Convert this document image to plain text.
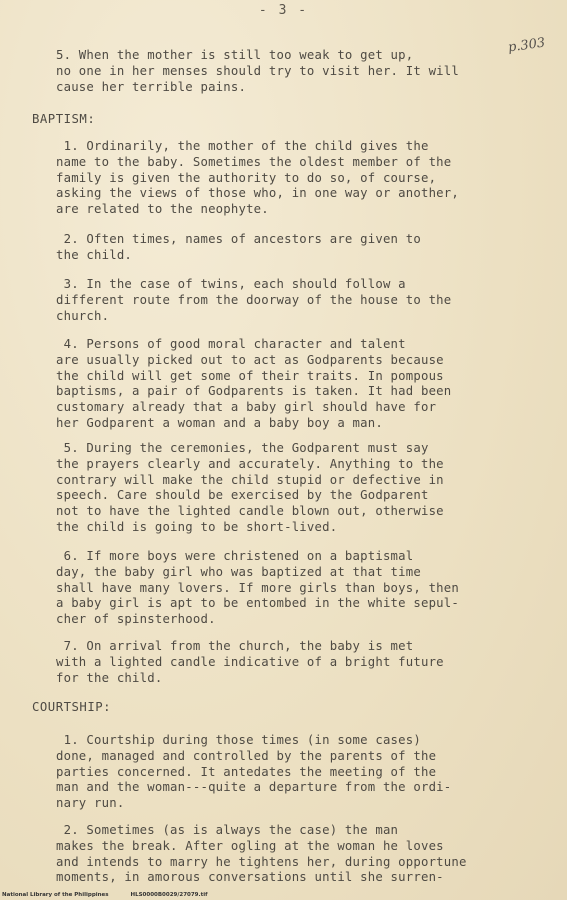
- 3 -
p.303
5. When the mother is still too weak to get up,
no one in her menses should try to visit her. It will
cause her terrible pains.
BAPTISM:
1. Ordinarily, the mother of the child gives the
name to the baby. Sometimes the oldest member of the
family is given the authority to do so, of course,
asking the views of those who, in one way or another,
are related to the neophyte.
2. Often times, names of ancestors are given to
the child.
3. In the case of twins, each should follow a
different route from the doorway of the house to the
church.
4. Persons of good moral character and talent
are usually picked out to act as Godparents because
the child will get some of their traits. In pompous
baptisms, a pair of Godparents is taken. It had been
customary already that a baby girl should have for
her Godparent a woman and a baby boy a man.
5. During the ceremonies, the Godparent must say
the prayers clearly and accurately. Anything to the
contrary will make the child stupid or defective in
speech. Care should be exercised by the Godparent
not to have the lighted candle blown out, otherwise
the child is going to be short-lived.
6. If more boys were christened on a baptismal
day, the baby girl who was baptized at that time
shall have many lovers. If more girls than boys, then
a baby girl is apt to be entombed in the white sepul-
cher of spinsterhood.
7. On arrival from the church, the baby is met
with a lighted candle indicative of a bright future
for the child.
COURTSHIP:
1. Courtship during those times (in some cases)
done, managed and controlled by the parents of the
parties concerned. It antedates the meeting of the
man and the woman---quite a departure from the ordi-
nary run.
2. Sometimes (as is always the case) the man
makes the break. After ogling at the woman he loves
and intends to marry he tightens her, during opportune
moments, in amorous conversations until she surren-
National Library of the Philippines	HLS0000B0029/27079.tif
